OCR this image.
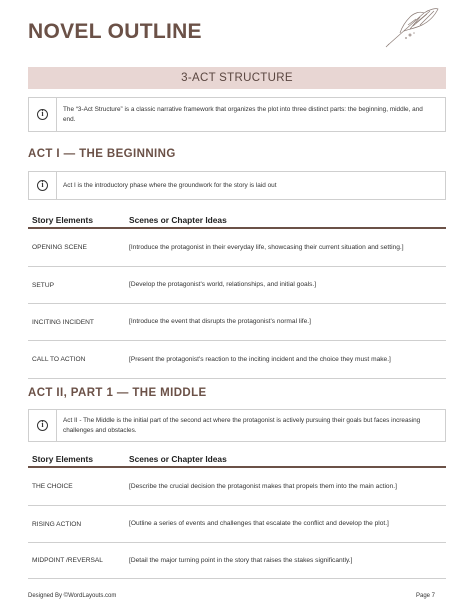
NOVEL OUTLINE
3-ACT STRUCTURE
i	The “3-Act Structure” is a classic narrative framework that organizes the plot into three distinct parts: the beginning, middle, and end.
ACT I — THE BEGINNING
i	Act I is the introductory phase where the groundwork for the story is laid out
Story Elements	Scenes or Chapter Ideas
OPENING SCENE	[Introduce the protagonist in their everyday life, showcasing their current situation and setting.]
SETUP	[Develop the protagonist's world, relationships, and initial goals.]
INCITING INCIDENT	[Introduce the event that disrupts the protagonist's normal life.]
CALL TO ACTION	[Present the protagonist's reaction to the inciting incident and the choice they must make.]
ACT II, PART 1 — THE MIDDLE
i	Act II - The Middle is the initial part of the second act where the protagonist is actively pursuing their goals but faces increasing challenges and obstacles.
Story Elements	Scenes or Chapter Ideas
THE CHOICE	[Describe the crucial decision the protagonist makes that propels them into the main action.]
RISING ACTION	[Outline a series of events and challenges that escalate the conflict and develop the plot.]
MIDPOINT /REVERSAL	[Detail the major turning point in the story that raises the stakes significantly.]
Designed By ©WordLayouts.com	Page 7
